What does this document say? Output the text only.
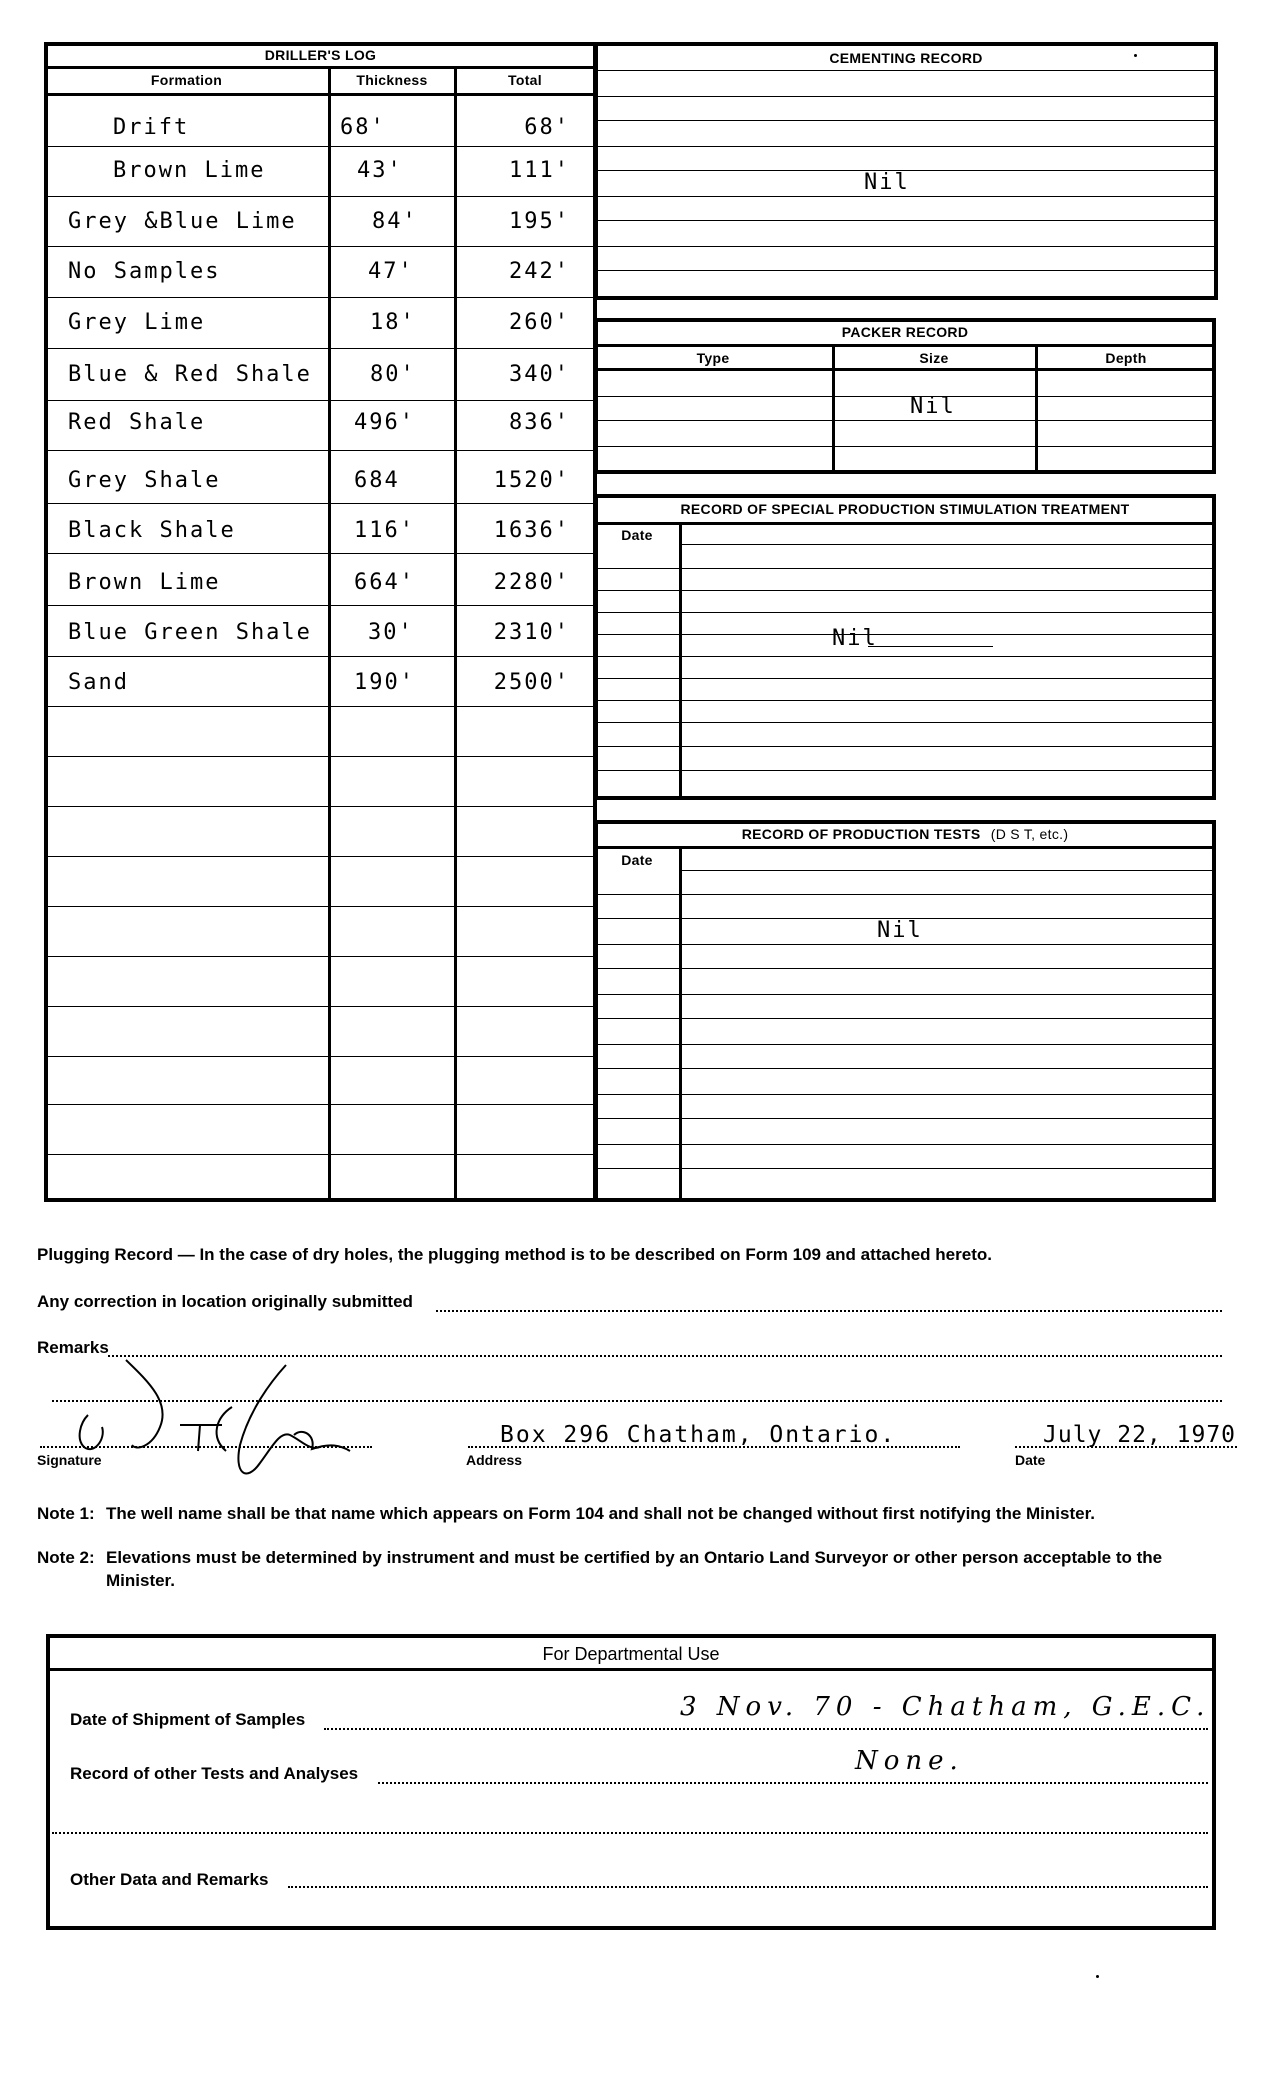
DRILLER'S LOG
Formation	Thickness	Total
Drift	68'	68'
Brown Lime	43'	111'
Grey &Blue Lime	84'	195'
No Samples	47'	242'
Grey Lime	18'	260'
Blue & Red Shale	80'	340'
Red Shale	496'	836'
Grey Shale	684	1520'
Black Shale	116'	1636'
Brown Lime	664'	2280'
Blue Green Shale	30'	2310'
Sand	190'	2500'
CEMENTING RECORD
Nil
PACKER RECORD
Type	Size	Depth
Nil
RECORD OF SPECIAL PRODUCTION STIMULATION TREATMENT
Date
Nil
RECORD OF PRODUCTION TESTS (D S T, etc.)
Date
Nil
Plugging Record — In the case of dry holes, the plugging method is to be described on Form 109 and attached hereto.
Any correction in location originally submitted
Remarks
Signature
Box 296 Chatham, Ontario.
Address
July 22, 1970
Date
Note 1: The well name shall be that name which appears on Form 104 and shall not be changed without first notifying the Minister.
Note 2: Elevations must be determined by instrument and must be certified by an Ontario Land Surveyor or other person acceptable to the
Minister.
For Departmental Use
Date of Shipment of Samples	3 Nov. 70 - Chatham, G.E.C.
Record of other Tests and Analyses	None.
Other Data and Remarks
